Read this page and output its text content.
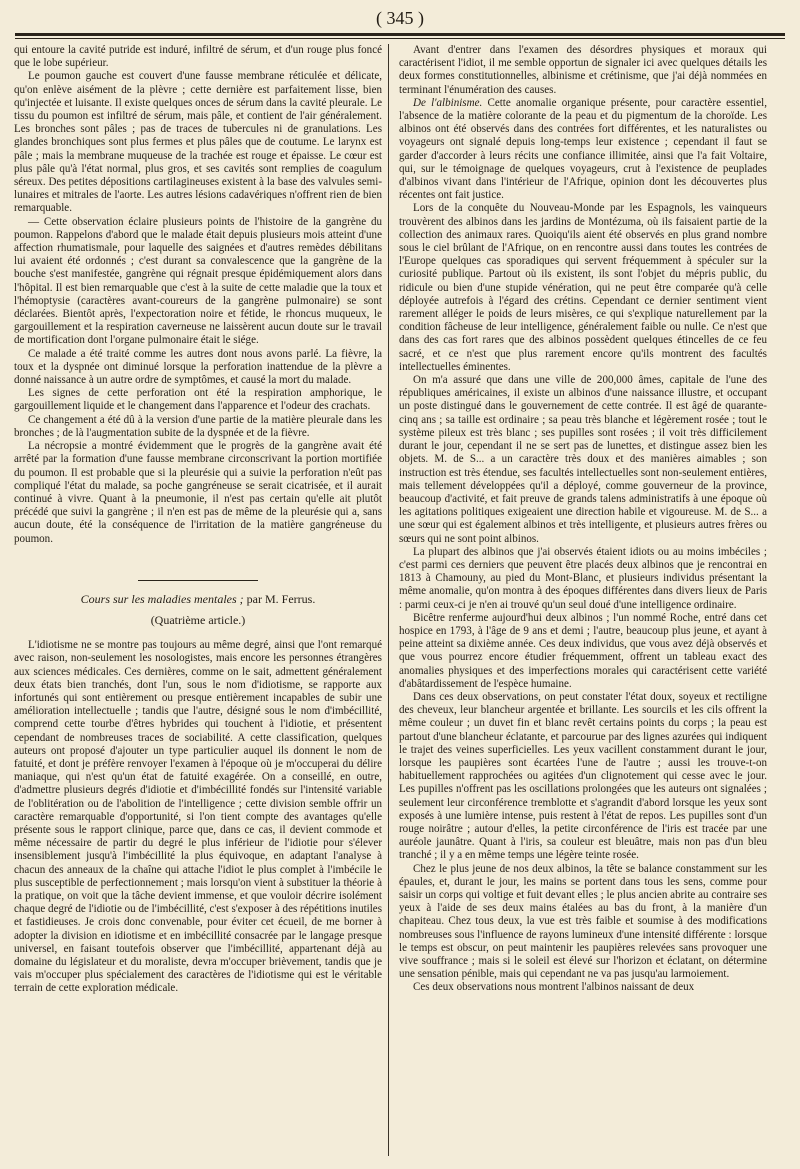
( 345 )

qui entoure la cavité putride est induré, infiltré de sérum, et d'un rouge plus foncé que le lobe supérieur.

Le poumon gauche est couvert d'une fausse membrane réticulée et délicate, qu'on enlève aisément de la plèvre ; cette dernière est parfaitement lisse, bien qu'injectée et luisante. Il existe quelques onces de sérum dans la cavité pleurale. Le tissu du poumon est infiltré de sérum, mais pâle, et contient de l'air généralement. Les bronches sont pâles ; pas de traces de tubercules ni de granulations. Les glandes bronchiques sont plus fermes et plus pâles que de coutume. Le larynx est pâle ; mais la membrane muqueuse de la trachée est rouge et épaisse. Le cœur est plus pâle qu'à l'état normal, plus gros, et ses cavités sont remplies de coagulum séreux. Des petites dépositions cartilagineuses existent à la base des valvules semi-lunaires et mitrales de l'aorte. Les autres lésions cadavériques n'offrent rien de bien remarquable.

— Cette observation éclaire plusieurs points de l'histoire de la gangrène du poumon. Rappelons d'abord que le malade était depuis plusieurs mois atteint d'une affection rhumatismale, pour laquelle des saignées et d'autres remèdes débilitans lui avaient été ordonnés ; c'est durant sa convalescence que la gangrène de la bouche s'est manifestée, gangrène qui régnait presque épidémiquement alors dans l'hôpital. Il est bien remarquable que c'est à la suite de cette maladie que la toux et l'hémoptysie (caractères avant-coureurs de la gangrène pulmonaire) se sont déclarées. Bientôt après, l'expectoration noire et fétide, le rhoncus muqueux, le gargouillement et la respiration caverneuse ne laissèrent aucun doute sur le travail de mortification dont l'organe pulmonaire était le siége.

Ce malade a été traité comme les autres dont nous avons parlé. La fièvre, la toux et la dyspnée ont diminué lorsque la perforation inattendue de la plèvre a donné naissance à un autre ordre de symptômes, et causé la mort du malade.

Les signes de cette perforation ont été la respiration amphorique, le gargouillement liquide et le changement dans l'apparence et l'odeur des crachats.

Ce changement a été dû à la version d'une partie de la matière pleurale dans les bronches ; de là l'augmentation subite de la dyspnée et de la fièvre.

La nécropsie a montré évidemment que le progrès de la gangrène avait été arrêté par la formation d'une fausse membrane circonscrivant la portion mortifiée du poumon. Il est probable que si la pleurésie qui a suivie la perforation n'eût pas compliqué l'état du malade, sa poche gangréneuse se serait cicatrisée, et il aurait continué à vivre. Quant à la pneumonie, il n'est pas certain qu'elle ait plutôt précédé que suivi la gangrène ; il n'en est pas de même de la pleurésie qui a, sans aucun doute, été la conséquence de l'irritation de la matière gangréneuse du poumon.

Cours sur les maladies mentales ; par M. Ferrus.
(Quatrième article.)

L'idiotisme ne se montre pas toujours au même degré, ainsi que l'ont remarqué avec raison, non-seulement les nosologistes, mais encore les personnes étrangères aux sciences médicales. Ces dernières, comme on le sait, admettent généralement deux états bien tranchés, dont l'un, sous le nom d'idiotisme, se rapporte aux infortunés qui sont entièrement ou presque entièrement incapables de subir une amélioration intellectuelle ; tandis que l'autre, désigné sous le nom d'imbécillité, comprend cette tourbe d'êtres hybrides qui touchent à l'idiotie, et présentent cependant de nombreuses traces de sociabilité. A cette classification, quelques auteurs ont proposé d'ajouter un type particulier auquel ils donnent le nom de fatuité, et dont je préfère renvoyer l'examen à l'époque où je m'occuperai du délire maniaque, qui n'est qu'un état de fatuité exagérée. On a conseillé, en outre, d'admettre plusieurs degrés d'idiotie et d'imbécillité fondés sur l'intensité variable de l'oblitération ou de l'abolition de l'intelligence ; cette division semble offrir un caractère remarquable d'opportunité, si l'on tient compte des avantages qu'elle présente sous le rapport clinique, parce que, dans ce cas, il devient commode et même nécessaire de partir du degré le plus inférieur de l'idiotie pour s'élever insensiblement jusqu'à l'imbécillité la plus équivoque, en adaptant l'analyse à chacun des anneaux de la chaîne qui attache l'idiot le plus complet à l'imbécile le plus susceptible de perfectionnement ; mais lorsqu'on vient à substituer la théorie à la pratique, on voit que la tâche devient immense, et que vouloir décrire isolément chaque degré de l'idiotie ou de l'imbécillité, c'est s'exposer à des répétitions inutiles et fastidieuses. Je crois donc convenable, pour éviter cet écueil, de me borner à adopter la division en idiotisme et en imbécillité consacrée par le langage presque universel, en faisant toutefois observer que l'imbécillité, appartenant déjà au domaine du législateur et du moraliste, devra m'occuper brièvement, tandis que je vais m'occuper plus spécialement des caractères de l'idiotisme qui est le véritable terrain de cette exploration médicale.

Avant d'entrer dans l'examen des désordres physiques et moraux qui caractérisent l'idiot, il me semble opportun de signaler ici avec quelques détails les deux formes constitutionnelles, albinisme et crétinisme, que j'ai déjà nommées en terminant l'énumération des causes.

De l'albinisme. Cette anomalie organique présente, pour caractère essentiel, l'absence de la matière colorante de la peau et du pigmentum de la choroïde. Les albinos ont été observés dans des contrées fort différentes, et les naturalistes ou voyageurs ont signalé depuis long-temps leur existence ; cependant il faut se garder d'accorder à leurs récits une confiance illimitée, ainsi que l'a fait Voltaire, qui, sur le témoignage de quelques voyageurs, crut à l'existence de peuplades d'albinos vivant dans l'intérieur de l'Afrique, opinion dont les découvertes plus récentes ont fait justice.

Lors de la conquête du Nouveau-Monde par les Espagnols, les vainqueurs trouvèrent des albinos dans les jardins de Montézuma, où ils faisaient partie de la collection des animaux rares. Quoiqu'ils aient été observés en plus grand nombre sous le ciel brûlant de l'Afrique, on en rencontre aussi dans toutes les contrées de l'Europe quelques cas sporadiques qui servent fréquemment à spéculer sur la curiosité publique. Partout où ils existent, ils sont l'objet du mépris public, du ridicule ou bien d'une stupide vénération, qui ne peut être comparée qu'à celle déployée autrefois à l'égard des crétins. Cependant ce dernier sentiment vient rarement alléger le poids de leurs misères, ce qui s'explique naturellement par la condition fâcheuse de leur intelligence, généralement faible ou nulle. Ce n'est que dans des cas fort rares que des albinos possèdent quelques étincelles de ce feu sacré, et ce n'est que plus rarement encore qu'ils montrent des facultés intellectuelles éminentes.

On m'a assuré que dans une ville de 200,000 âmes, capitale de l'une des républiques américaines, il existe un albinos d'une naissance illustre, et occupant un poste distingué dans le gouvernement de cette contrée. Il est âgé de quarante-cinq ans ; sa taille est ordinaire ; sa peau très blanche et légèrement rosée ; tout le système pileux est très blanc ; ses pupilles sont rosées ; il voit très difficilement durant le jour, cependant il ne se sert pas de lunettes, et distingue assez bien les objets. M. de S... a un caractère très doux et des manières aimables ; son instruction est très étendue, ses facultés intellectuelles sont non-seulement entières, mais tellement développées qu'il a déployé, comme gouverneur de la province, beaucoup d'activité, et fait preuve de grands talens administratifs à une époque où les agitations politiques exigeaient une direction habile et vigoureuse. M. de S... a une sœur qui est également albinos et très intelligente, et plusieurs autres frères ou sœurs qui ne sont point albinos.

La plupart des albinos que j'ai observés étaient idiots ou au moins imbéciles ; c'est parmi ces derniers que peuvent être placés deux albinos que je rencontrai en 1813 à Chamouny, au pied du Mont-Blanc, et plusieurs individus présentant la même anomalie, qu'on montra à des époques différentes dans divers lieux de Paris : parmi ceux-ci je n'en ai trouvé qu'un seul doué d'une intelligence ordinaire.

Bicêtre renferme aujourd'hui deux albinos ; l'un nommé Roche, entré dans cet hospice en 1793, à l'âge de 9 ans et demi ; l'autre, beaucoup plus jeune, et ayant à peine atteint sa dixième année. Ces deux individus, que vous avez déjà observés et que vous pourrez encore étudier fréquemment, offrent un tableau exact des anomalies physiques et des imperfections morales qui caractérisent cette variété d'abâtardissement de l'espèce humaine.

Dans ces deux observations, on peut constater l'état doux, soyeux et rectiligne des cheveux, leur blancheur argentée et brillante. Les sourcils et les cils offrent la même couleur ; un duvet fin et blanc revêt certains points du corps ; la peau est partout d'une blancheur éclatante, et parcourue par des lignes azurées qui indiquent le trajet des veines superficielles. Les yeux vacillent constamment durant le jour, lorsque les paupières sont écartées l'une de l'autre ; aussi les trouve-t-on habituellement rapprochées ou agitées d'un clignotement qui cesse avec le jour. Les pupilles n'offrent pas les oscillations prolongées que les auteurs ont signalées ; seulement leur circonférence tremblotte et s'agrandit d'abord lorsque les yeux sont exposés à une lumière intense, puis restent à l'état de repos. Les pupilles sont d'un rouge noirâtre ; autour d'elles, la petite circonférence de l'iris est tracée par une auréole jaunâtre. Quant à l'iris, sa couleur est bleuâtre, mais non pas d'un bleu tranché ; il y a en même temps une légère teinte rosée.

Chez le plus jeune de nos deux albinos, la tête se balance constamment sur les épaules, et, durant le jour, les mains se portent dans tous les sens, comme pour saisir un corps qui voltige et fuit devant elles ; le plus ancien abrite au contraire ses yeux à l'aide de ses deux mains étalées au bas du front, à la manière d'un chapiteau. Chez tous deux, la vue est très faible et soumise à des modifications nombreuses sous l'influence de rayons lumineux d'une intensité différente : lorsque le temps est obscur, on peut maintenir les paupières relevées sans provoquer une vive souffrance ; mais si le soleil est élevé sur l'horizon et éclatant, on détermine une sensation pénible, mais qui cependant ne va pas jusqu'au larmoiement.

Ces deux observations nous montrent l'albinos naissant de deux
